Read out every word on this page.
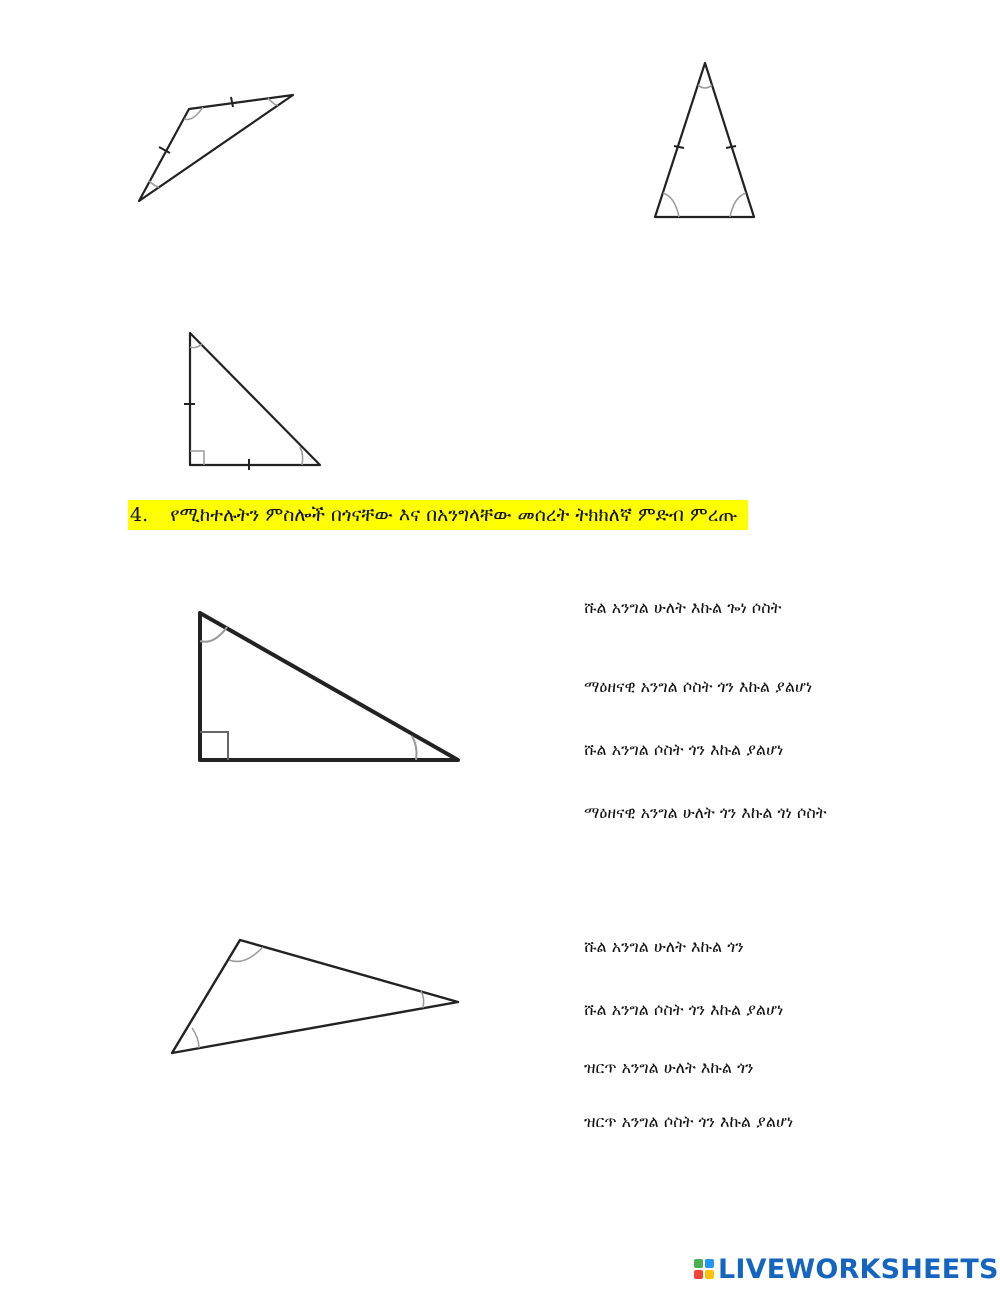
4. የሚከተሉትን ምስሎች በጎናቸው እና በአንግላቸው መሰረት ትክክለኛ ምድብ ምረጡ
ሹል አንግል ሁለት እኩል ጐነ ሶስት
ማዕዘናዊ አንግል ሶስት ጎን እኩል ያልሆነ
ሹል አንግል ሶስት ጎን እኩል ያልሆነ
ማዕዘናዊ አንግል ሁለት ጎን እኩል ጎነ ሶስት
ሹል አንግል ሁለት እኩል ጎን
ሹል አንግል ሶስት ጎን እኩል ያልሆነ
ዝርጥ አንግል ሁለት እኩል ጎን
ዝርጥ አንግል ሶስት ጎን እኩል ያልሆነ
LIVEWORKSHEETS
